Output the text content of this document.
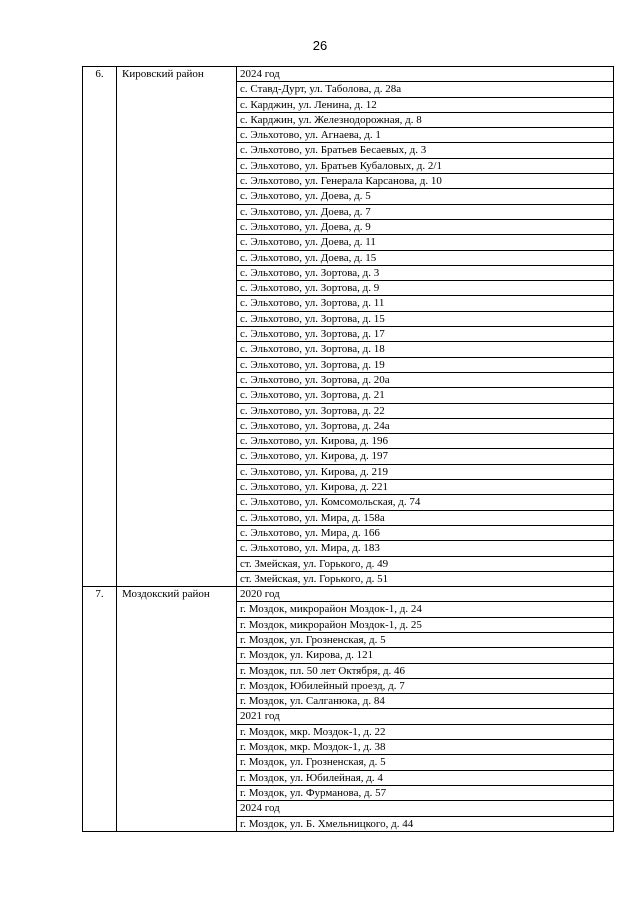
26
6.	Кировский район	2024 год
		с. Ставд-Дурт, ул. Таболова, д. 28а
		с. Карджин, ул. Ленина, д. 12
		с. Карджин, ул. Железнодорожная, д. 8
		с. Эльхотово, ул. Агнаева, д. 1
		с. Эльхотово, ул. Братьев Бесаевых, д. 3
		с. Эльхотово, ул. Братьев Кубаловых, д. 2/1
		с. Эльхотово, ул. Генерала Карсанова, д. 10
		с. Эльхотово, ул. Доева, д. 5
		с. Эльхотово, ул. Доева, д. 7
		с. Эльхотово, ул. Доева, д. 9
		с. Эльхотово, ул. Доева, д. 11
		с. Эльхотово, ул. Доева, д. 15
		с. Эльхотово, ул. Зортова, д. 3
		с. Эльхотово, ул. Зортова, д. 9
		с. Эльхотово, ул. Зортова, д. 11
		с. Эльхотово, ул. Зортова, д. 15
		с. Эльхотово, ул. Зортова, д. 17
		с. Эльхотово, ул. Зортова, д. 18
		с. Эльхотово, ул. Зортова, д. 19
		с. Эльхотово, ул. Зортова, д. 20а
		с. Эльхотово, ул. Зортова, д. 21
		с. Эльхотово, ул. Зортова, д. 22
		с. Эльхотово, ул. Зортова, д. 24а
		с. Эльхотово, ул. Кирова, д. 196
		с. Эльхотово, ул. Кирова, д. 197
		с. Эльхотово, ул. Кирова, д. 219
		с. Эльхотово, ул. Кирова, д. 221
		с. Эльхотово, ул. Комсомольская, д. 74
		с. Эльхотово, ул. Мира, д. 158а
		с. Эльхотово, ул. Мира, д. 166
		с. Эльхотово, ул. Мира, д. 183
		ст. Змейская, ул. Горького, д. 49
		ст. Змейская, ул. Горького, д. 51
7.	Моздокский район	2020 год
		г. Моздок, микрорайон Моздок-1, д. 24
		г. Моздок, микрорайон Моздок-1, д. 25
		г. Моздок, ул. Грозненская, д. 5
		г. Моздок, ул. Кирова, д. 121
		г. Моздок, пл. 50 лет Октября, д. 46
		г. Моздок, Юбилейный проезд, д. 7
		г. Моздок, ул. Салганюка, д. 84
		2021 год
		г. Моздок, мкр. Моздок-1, д. 22
		г. Моздок, мкр. Моздок-1, д. 38
		г. Моздок, ул. Грозненская, д. 5
		г. Моздок, ул. Юбилейная, д. 4
		г. Моздок, ул. Фурманова, д. 57
		2024 год
		г. Моздок, ул. Б. Хмельницкого, д. 44
